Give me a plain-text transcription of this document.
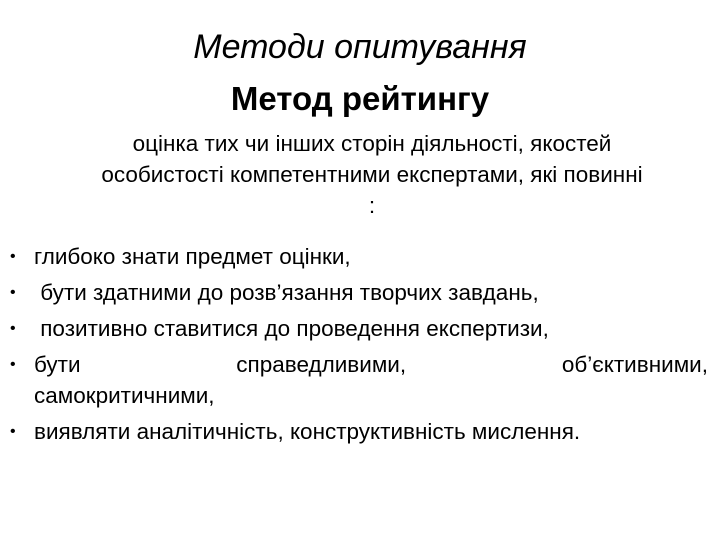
Методи опитування
Метод рейтингу
оцінка тих чи інших сторін діяльності, якостей
особистості компетентними експертами, які повинні
:
• глибоко знати предмет оцінки,
• бути здатними до розв’язання творчих завдань,
• позитивно ставитися до проведення експертизи,
• бути	справедливими,	об’єктивними,
самокритичними,
• виявляти аналітичність, конструктивність мислення.
